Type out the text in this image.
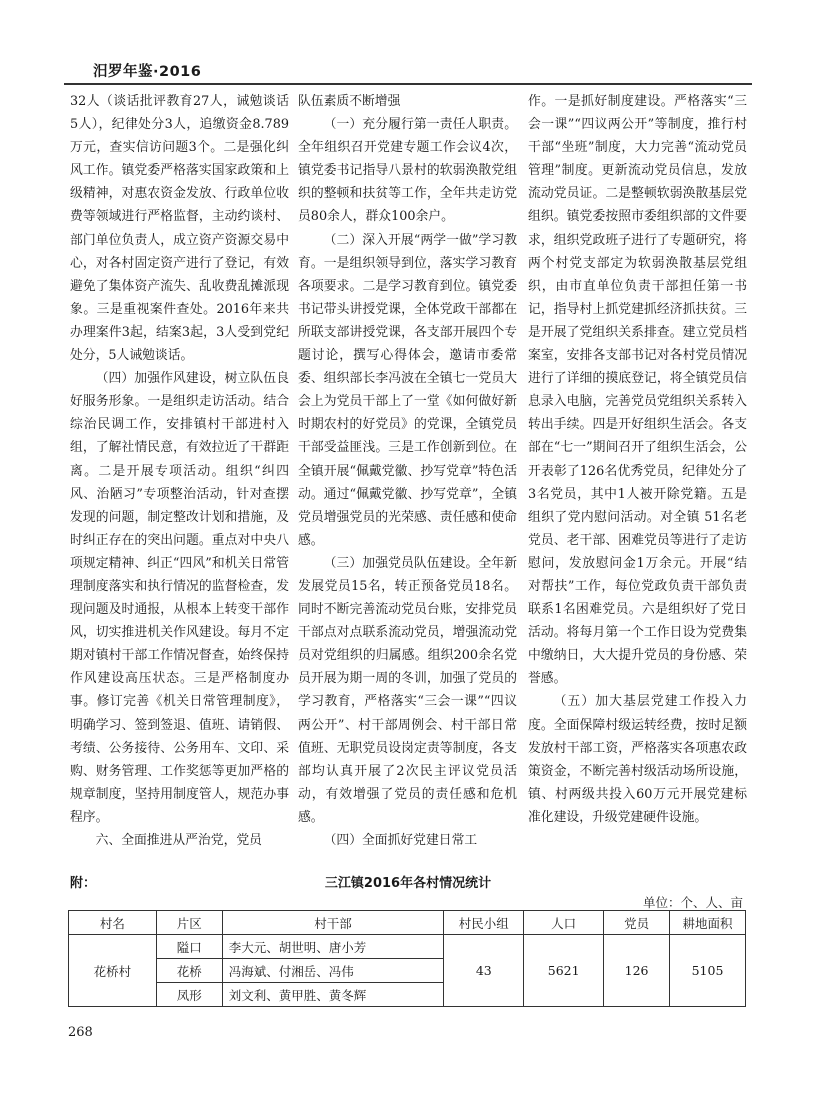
汨罗年鉴·2016

32人（谈话批评教育27人，诫勉谈话5人），纪律处分3人，追缴资金8.789万元，查实信访问题3个。二是强化纠风工作。镇党委严格落实国家政策和上级精神，对惠农资金发放、行政单位收费等领域进行严格监督，主动约谈村、部门单位负责人，成立资产资源交易中心，对各村固定资产进行了登记，有效避免了集体资产流失、乱收费乱摊派现象。三是重视案件查处。2016年来共办理案件3起，结案3起，3人受到党纪处分，5人诫勉谈话。

（四）加强作风建设，树立队伍良好服务形象。一是组织走访活动。结合综治民调工作，安排镇村干部进村入组，了解社情民意，有效拉近了干群距离。二是开展专项活动。组织“纠四风、治陋习”专项整治活动，针对查摆发现的问题，制定整改计划和措施，及时纠正存在的突出问题。重点对中央八项规定精神、纠正“四风”和机关日常管理制度落实和执行情况的监督检查，发现问题及时通报，从根本上转变干部作风，切实推进机关作风建设。每月不定期对镇村干部工作情况督查，始终保持作风建设高压状态。三是严格制度办事。修订完善《机关日常管理制度》，明确学习、签到签退、值班、请销假、考绩、公务接待、公务用车、文印、采购、财务管理、工作奖惩等更加严格的规章制度，坚持用制度管人，规范办事程序。

六、全面推进从严治党，党员

队伍素质不断增强

（一）充分履行第一责任人职责。全年组织召开党建专题工作会议4次，镇党委书记指导八景村的软弱涣散党组织的整顿和扶贫等工作，全年共走访党员80余人，群众100余户。

（二）深入开展“两学一做”学习教育。一是组织领导到位，落实学习教育各项要求。二是学习教育到位。镇党委书记带头讲授党课，全体党政干部都在所联支部讲授党课，各支部开展四个专题讨论，撰写心得体会，邀请市委常委、组织部长李冯波在全镇七一党员大会上为党员干部上了一堂《如何做好新时期农村的好党员》的党课，全镇党员干部受益匪浅。三是工作创新到位。在全镇开展“佩戴党徽、抄写党章”特色活动。通过“佩戴党徽、抄写党章”，全镇党员增强党员的光荣感、责任感和使命感。

（三）加强党员队伍建设。全年新发展党员15名，转正预备党员18名。同时不断完善流动党员台账，安排党员干部点对点联系流动党员，增强流动党员对党组织的归属感。组织200余名党员开展为期一周的冬训，加强了党员的学习教育，严格落实“三会一课”“四议两公开”、村干部周例会、村干部日常值班、无职党员设岗定责等制度，各支部均认真开展了2次民主评议党员活动，有效增强了党员的责任感和危机感。

（四）全面抓好党建日常工

作。一是抓好制度建设。严格落实“三会一课”“四议两公开”等制度，推行村干部“坐班”制度，大力完善“流动党员管理”制度。更新流动党员信息，发放流动党员证。二是整顿软弱涣散基层党组织。镇党委按照市委组织部的文件要求，组织党政班子进行了专题研究，将两个村党支部定为软弱涣散基层党组织，由市直单位负责干部担任第一书记，指导村上抓党建抓经济抓扶贫。三是开展了党组织关系排查。建立党员档案室，安排各支部书记对各村党员情况进行了详细的摸底登记，将全镇党员信息录入电脑，完善党员党组织关系转入转出手续。四是开好组织生活会。各支部在“七一”期间召开了组织生活会，公开表彰了126名优秀党员，纪律处分了3名党员，其中1人被开除党籍。五是组织了党内慰问活动。对全镇 51名老党员、老干部、困难党员等进行了走访慰问，发放慰问金1万余元。开展“结对帮扶”工作，每位党政负责干部负责联系1名困难党员。六是组织好了党日活动。将每月第一个工作日设为党费集中缴纳日，大大提升党员的身份感、荣誉感。

（五）加大基层党建工作投入力度。全面保障村级运转经费，按时足额发放村干部工资，严格落实各项惠农政策资金，不断完善村级活动场所设施，镇、村两级共投入60万元开展党建标准化建设，升级党建硬件设施。

附：	三江镇2016年各村情况统计
单位：个、人、亩
村名	片区	村干部	村民小组	人口	党员	耕地面积
花桥村	隘口	李大元、胡世明、唐小芳	43	5621	126	5105
	花桥	冯海斌、付湘岳、冯伟				
	凤形	刘文利、黄甲胜、黄冬辉				
268
